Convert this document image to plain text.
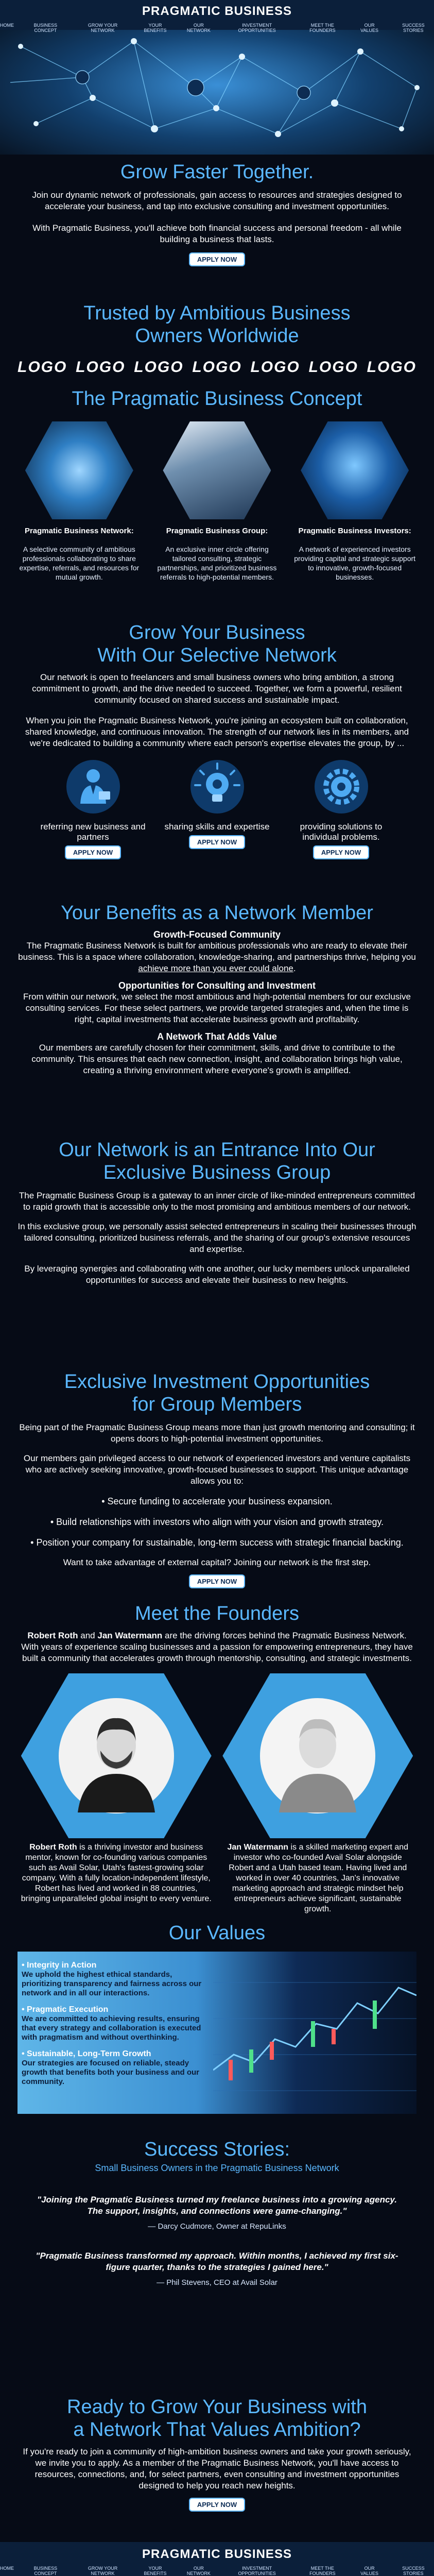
PRAGMATIC BUSINESS
HOME	BUSINESS CONCEPT
GROW YOUR NETWORK
YOUR BENEFITS
OUR NETWORK
INVESTMENT OPPORTUNITIES
MEET THE FOUNDERS
OUR VALUES
SUCCESS STORIES
Grow Faster Together.

Join our dynamic network of professionals, gain access to resources and strategies designed to accelerate your business, and tap into exclusive consulting and investment opportunities.

With Pragmatic Business, you'll achieve both financial success and personal freedom - all while building a business that lasts.

APPLY NOW
Trusted by Ambitious Business
Owners Worldwide
LOGO LOGO LOGO LOGO LOGO LOGO LOGO
The Pragmatic Business Concept
Pragmatic Business Network:

A selective community of ambitious professionals collaborating to share expertise, referrals, and resources for mutual growth.

Pragmatic Business Group:

An exclusive inner circle offering tailored consulting, strategic partnerships, and prioritized business referrals to high-potential members.

Pragmatic Business Investors:

A network of experienced investors providing capital and strategic support to innovative, growth-focused businesses.

Grow Your Business
With Our Selective Network

Our network is open to freelancers and small business owners who bring ambition, a strong commitment to growth, and the drive needed to succeed. Together, we form a powerful, resilient community focused on shared success and sustainable impact.

When you join the Pragmatic Business Network, you're joining an ecosystem built on collaboration, shared knowledge, and continuous innovation. The strength of our network lies in its members, and we're dedicated to building a community where each person's expertise elevates the group, by ...

referring new business and partners

APPLY NOW

sharing skills and expertise

APPLY NOW

providing solutions to individual problems.

APPLY NOW
Your Benefits as a Network Member
Growth-Focused Community

The Pragmatic Business Network is built for ambitious professionals who are ready to elevate their business. This is a space where collaboration, knowledge-sharing, and partnerships thrive, helping you achieve more than you ever could alone.

Opportunities for Consulting and Investment

From within our network, we select the most ambitious and high-potential members for our exclusive consulting services. For these select partners, we provide targeted strategies and, when the time is right, capital investments that accelerate business growth and profitability.

A Network That Adds Value

Our members are carefully chosen for their commitment, skills, and drive to contribute to the community. This ensures that each new connection, insight, and collaboration brings high value, creating a thriving environment where everyone's growth is amplified.

Our Network is an Entrance Into Our
Exclusive Business Group

The Pragmatic Business Group is a gateway to an inner circle of like-minded entrepreneurs committed to rapid growth that is accessible only to the most promising and ambitious members of our network.

In this exclusive group, we personally assist selected entrepreneurs in scaling their businesses through tailored consulting, prioritized business referrals, and the sharing of our group's extensive resources and expertise.

By leveraging synergies and collaborating with one another, our lucky members unlock unparalleled opportunities for success and elevate their business to new heights.

Exclusive Investment Opportunities
for Group Members

Being part of the Pragmatic Business Group means more than just growth mentoring and consulting; it opens doors to high-potential investment opportunities.

Our members gain privileged access to our network of experienced investors and venture capitalists who are actively seeking innovative, growth-focused businesses to support. This unique advantage allows you to:

• Secure funding to accelerate your business expansion.

• Build relationships with investors who align with your vision and growth strategy.

• Position your company for sustainable, long-term success with strategic financial backing.

Want to take advantage of external capital? Joining our network is the first step.

APPLY NOW
Meet the Founders

Robert Roth and Jan Watermann are the driving forces behind the Pragmatic Business Network. With years of experience scaling businesses and a passion for empowering entrepreneurs, they have built a community that accelerates growth through mentorship, consulting, and strategic investments.

Robert Roth is a thriving investor and business mentor, known for co-founding various companies such as Avail Solar, Utah's fastest-growing solar company. With a fully location-independent lifestyle, Robert has lived and worked in 88 countries, bringing unparalleled global insight to every venture.

Jan Watermann is a skilled marketing expert and investor who co-founded Avail Solar alongside Robert and a Utah based team. Having lived and worked in over 40 countries, Jan's innovative marketing approach and strategic mindset help entrepreneurs achieve significant, sustainable growth.

Our Values
• Integrity in Action

We uphold the highest ethical standards, prioritizing transparency and fairness across our network and in all our interactions.

• Pragmatic Execution

We are committed to achieving results, ensuring that every strategy and collaboration is executed with pragmatism and without overthinking.

• Sustainable, Long-Term Growth

Our strategies are focused on reliable, steady growth that benefits both your business and our community.

Success Stories:
Small Business Owners in the Pragmatic Business Network

"Joining the Pragmatic Business turned my freelance business into a growing agency. The support, insights, and connections were game-changing."

— Darcy Cudmore, Owner at RepuLinks

"Pragmatic Business transformed my approach. Within months, I achieved my first six-figure quarter, thanks to the strategies I gained here."

— Phil Stevens, CEO at Avail Solar

Ready to Grow Your Business with
a Network That Values Ambition?

If you're ready to join a community of high-ambition business owners and take your growth seriously, we invite you to apply. As a member of the Pragmatic Business Network, you'll have access to resources, connections, and, for select partners, even consulting and investment opportunities designed to help you reach new heights.

APPLY NOW
PRAGMATIC BUSINESS
HOME	BUSINESS CONCEPT
GROW YOUR NETWORK
YOUR BENEFITS
OUR NETWORK
INVESTMENT OPPORTUNITIES
MEET THE FOUNDERS
OUR VALUES
SUCCESS STORIES
